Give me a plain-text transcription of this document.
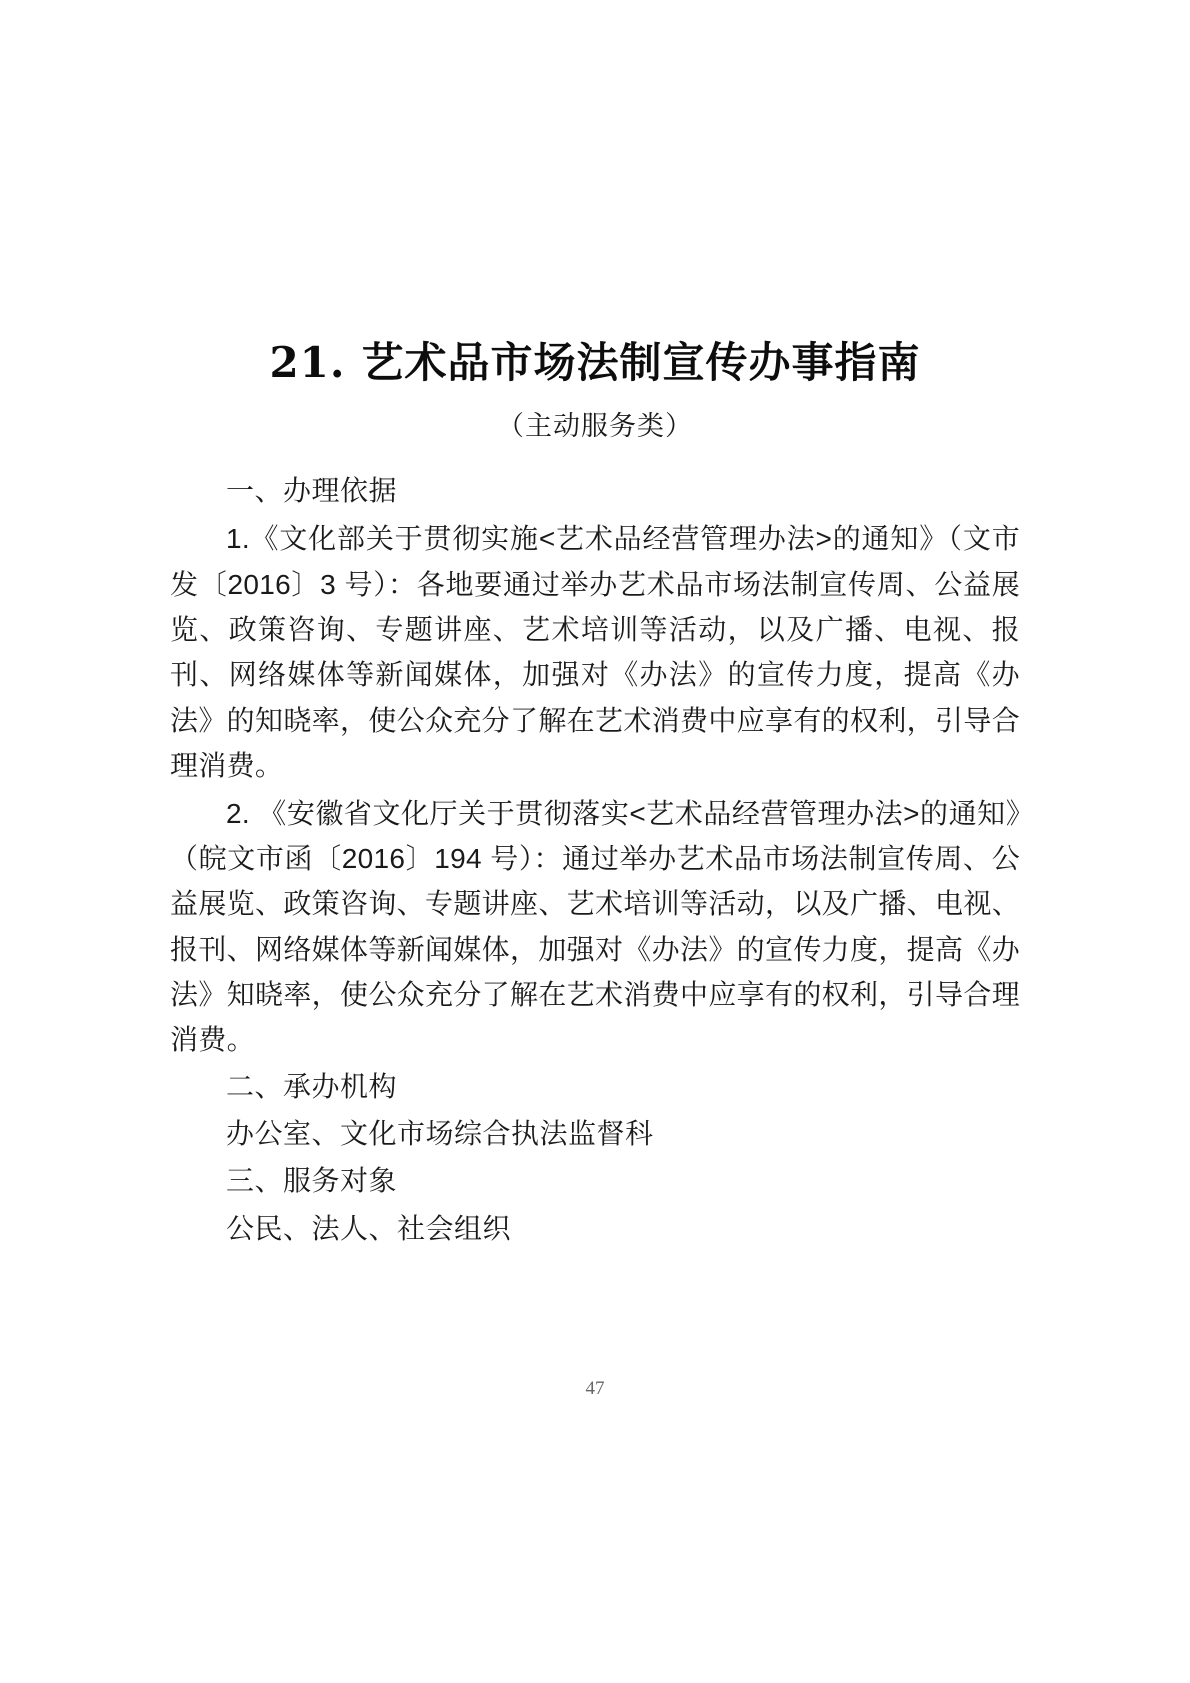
21. 艺术品市场法制宣传办事指南
（主动服务类）
一、办理依据

1.《文化部关于贯彻实施<艺术品经营管理办法>的通知》（文市发〔2016〕3 号）：各地要通过举办艺术品市场法制宣传周、公益展览、政策咨询、专题讲座、艺术培训等活动，以及广播、电视、报刊、网络媒体等新闻媒体，加强对《办法》的宣传力度，提高《办法》的知晓率，使公众充分了解在艺术消费中应享有的权利，引导合理消费。

2. 《安徽省文化厅关于贯彻落实<艺术品经营管理办法>的通知》（皖文市函〔2016〕194 号）：通过举办艺术品市场法制宣传周、公益展览、政策咨询、专题讲座、艺术培训等活动，以及广播、电视、报刊、网络媒体等新闻媒体，加强对《办法》的宣传力度，提高《办法》知晓率，使公众充分了解在艺术消费中应享有的权利，引导合理消费。

二、承办机构
办公室、文化市场综合执法监督科
三、服务对象
公民、法人、社会组织
47
